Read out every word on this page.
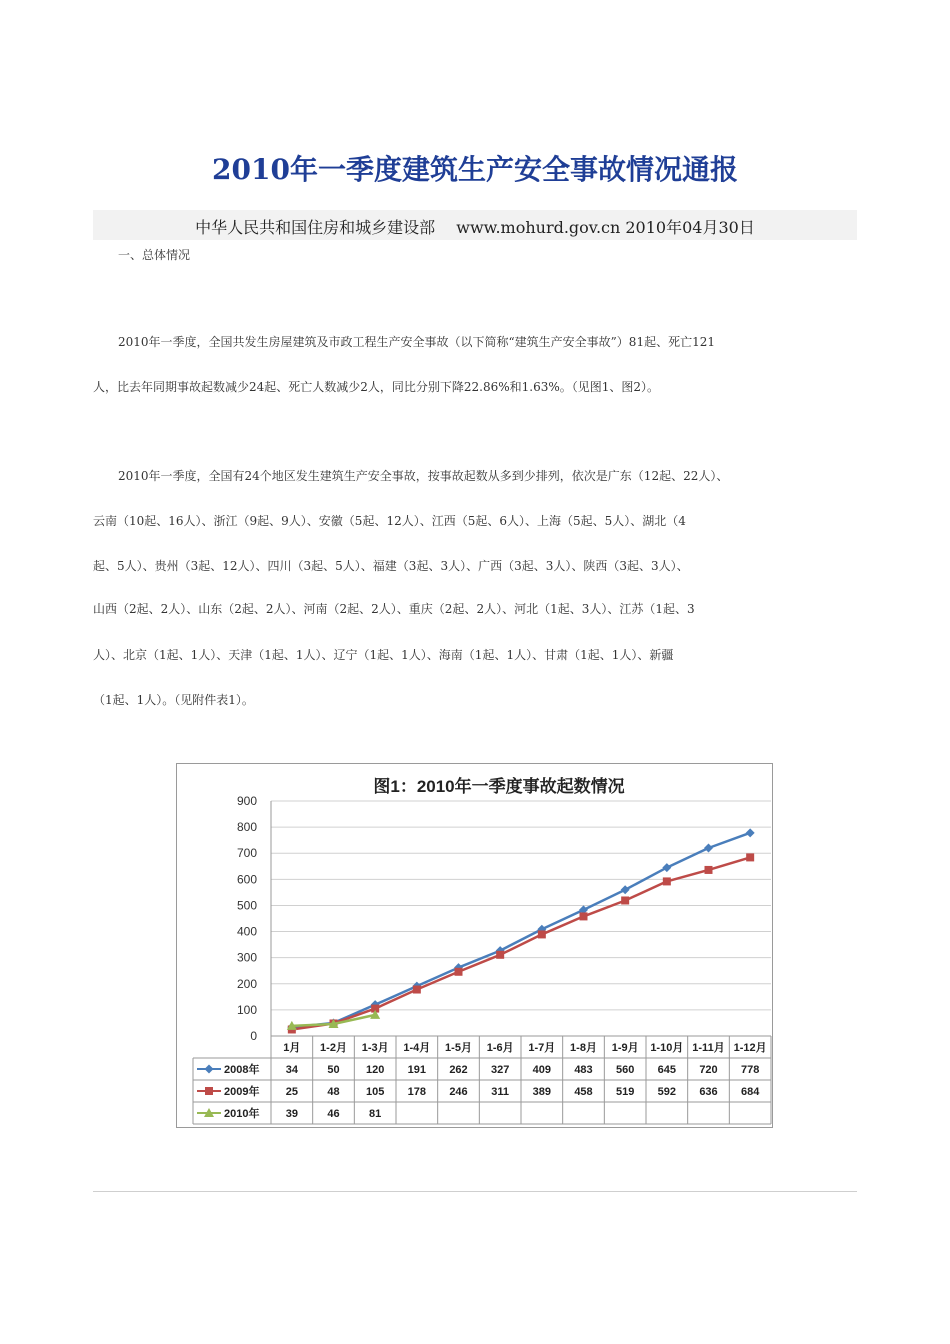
2010年一季度建筑生产安全事故情况通报
中华人民共和国住房和城乡建设部　 www.mohurd.gov.cn 2010年04月30日
一、总体情况
2010年一季度，全国共发生房屋建筑及市政工程生产安全事故（以下简称“建筑生产安全事故”）81起、死亡121
人，比去年同期事故起数减少24起、死亡人数减少2人，同比分别下降22.86%和1.63%。（见图1、图2）。
2010年一季度，全国有24个地区发生建筑生产安全事故，按事故起数从多到少排列，依次是广东（12起、22人）、
云南（10起、16人）、浙江（9起、9人）、安徽（5起、12人）、江西（5起、6人）、上海（5起、5人）、湖北（4
起、5人）、贵州（3起、12人）、四川（3起、5人）、福建（3起、3人）、广西（3起、3人）、陕西（3起、3人）、
山西（2起、2人）、山东（2起、2人）、河南（2起、2人）、重庆（2起、2人）、河北（1起、3人）、江苏（1起、3
人）、北京（1起、1人）、天津（1起、1人）、辽宁（1起、1人）、海南（1起、1人）、甘肃（1起、1人）、新疆
（1起、1人）。（见附件表1）。
图1：2010年一季度事故起数情况
0
100
200
300
400
500
600
700
800
900
1月 1-2月 1-3月 1-4月 1-5月 1-6月 1-7月 1-8月 1-9月 1-10月 1-11月 1-12月
2008年 34	50 120 191 262 327 409 483 560 645 720 778
2009年 25	48 105 178 246 311 389 458 519 592 636 684
2010年 39	46	81
